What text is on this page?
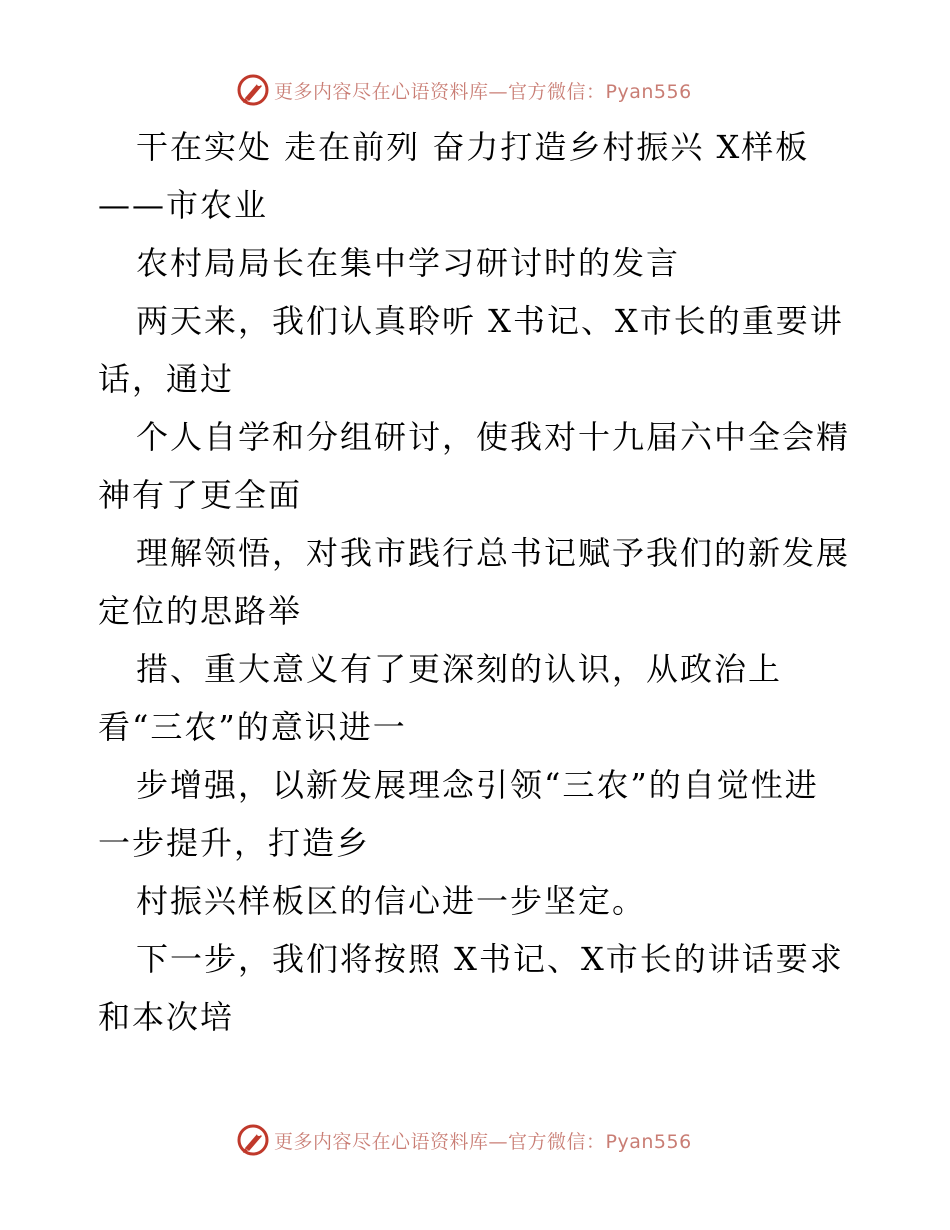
更多内容尽在心语资料库—官方微信：Pyan556
干在实处 走在前列 奋力打造乡村振兴 X样板
——市农业
农村局局长在集中学习研讨时的发言
两天来，我们认真聆听 X书记、X市长的重要讲
话，通过
个人自学和分组研讨，使我对十九届六中全会精
神有了更全面
理解领悟，对我市践行总书记赋予我们的新发展
定位的思路举
措、重大意义有了更深刻的认识，从政治上
看“三农”的意识进一
步增强，以新发展理念引领“三农”的自觉性进
一步提升，打造乡
村振兴样板区的信心进一步坚定。
下一步，我们将按照 X书记、X市长的讲话要求
和本次培
更多内容尽在心语资料库—官方微信：Pyan556
